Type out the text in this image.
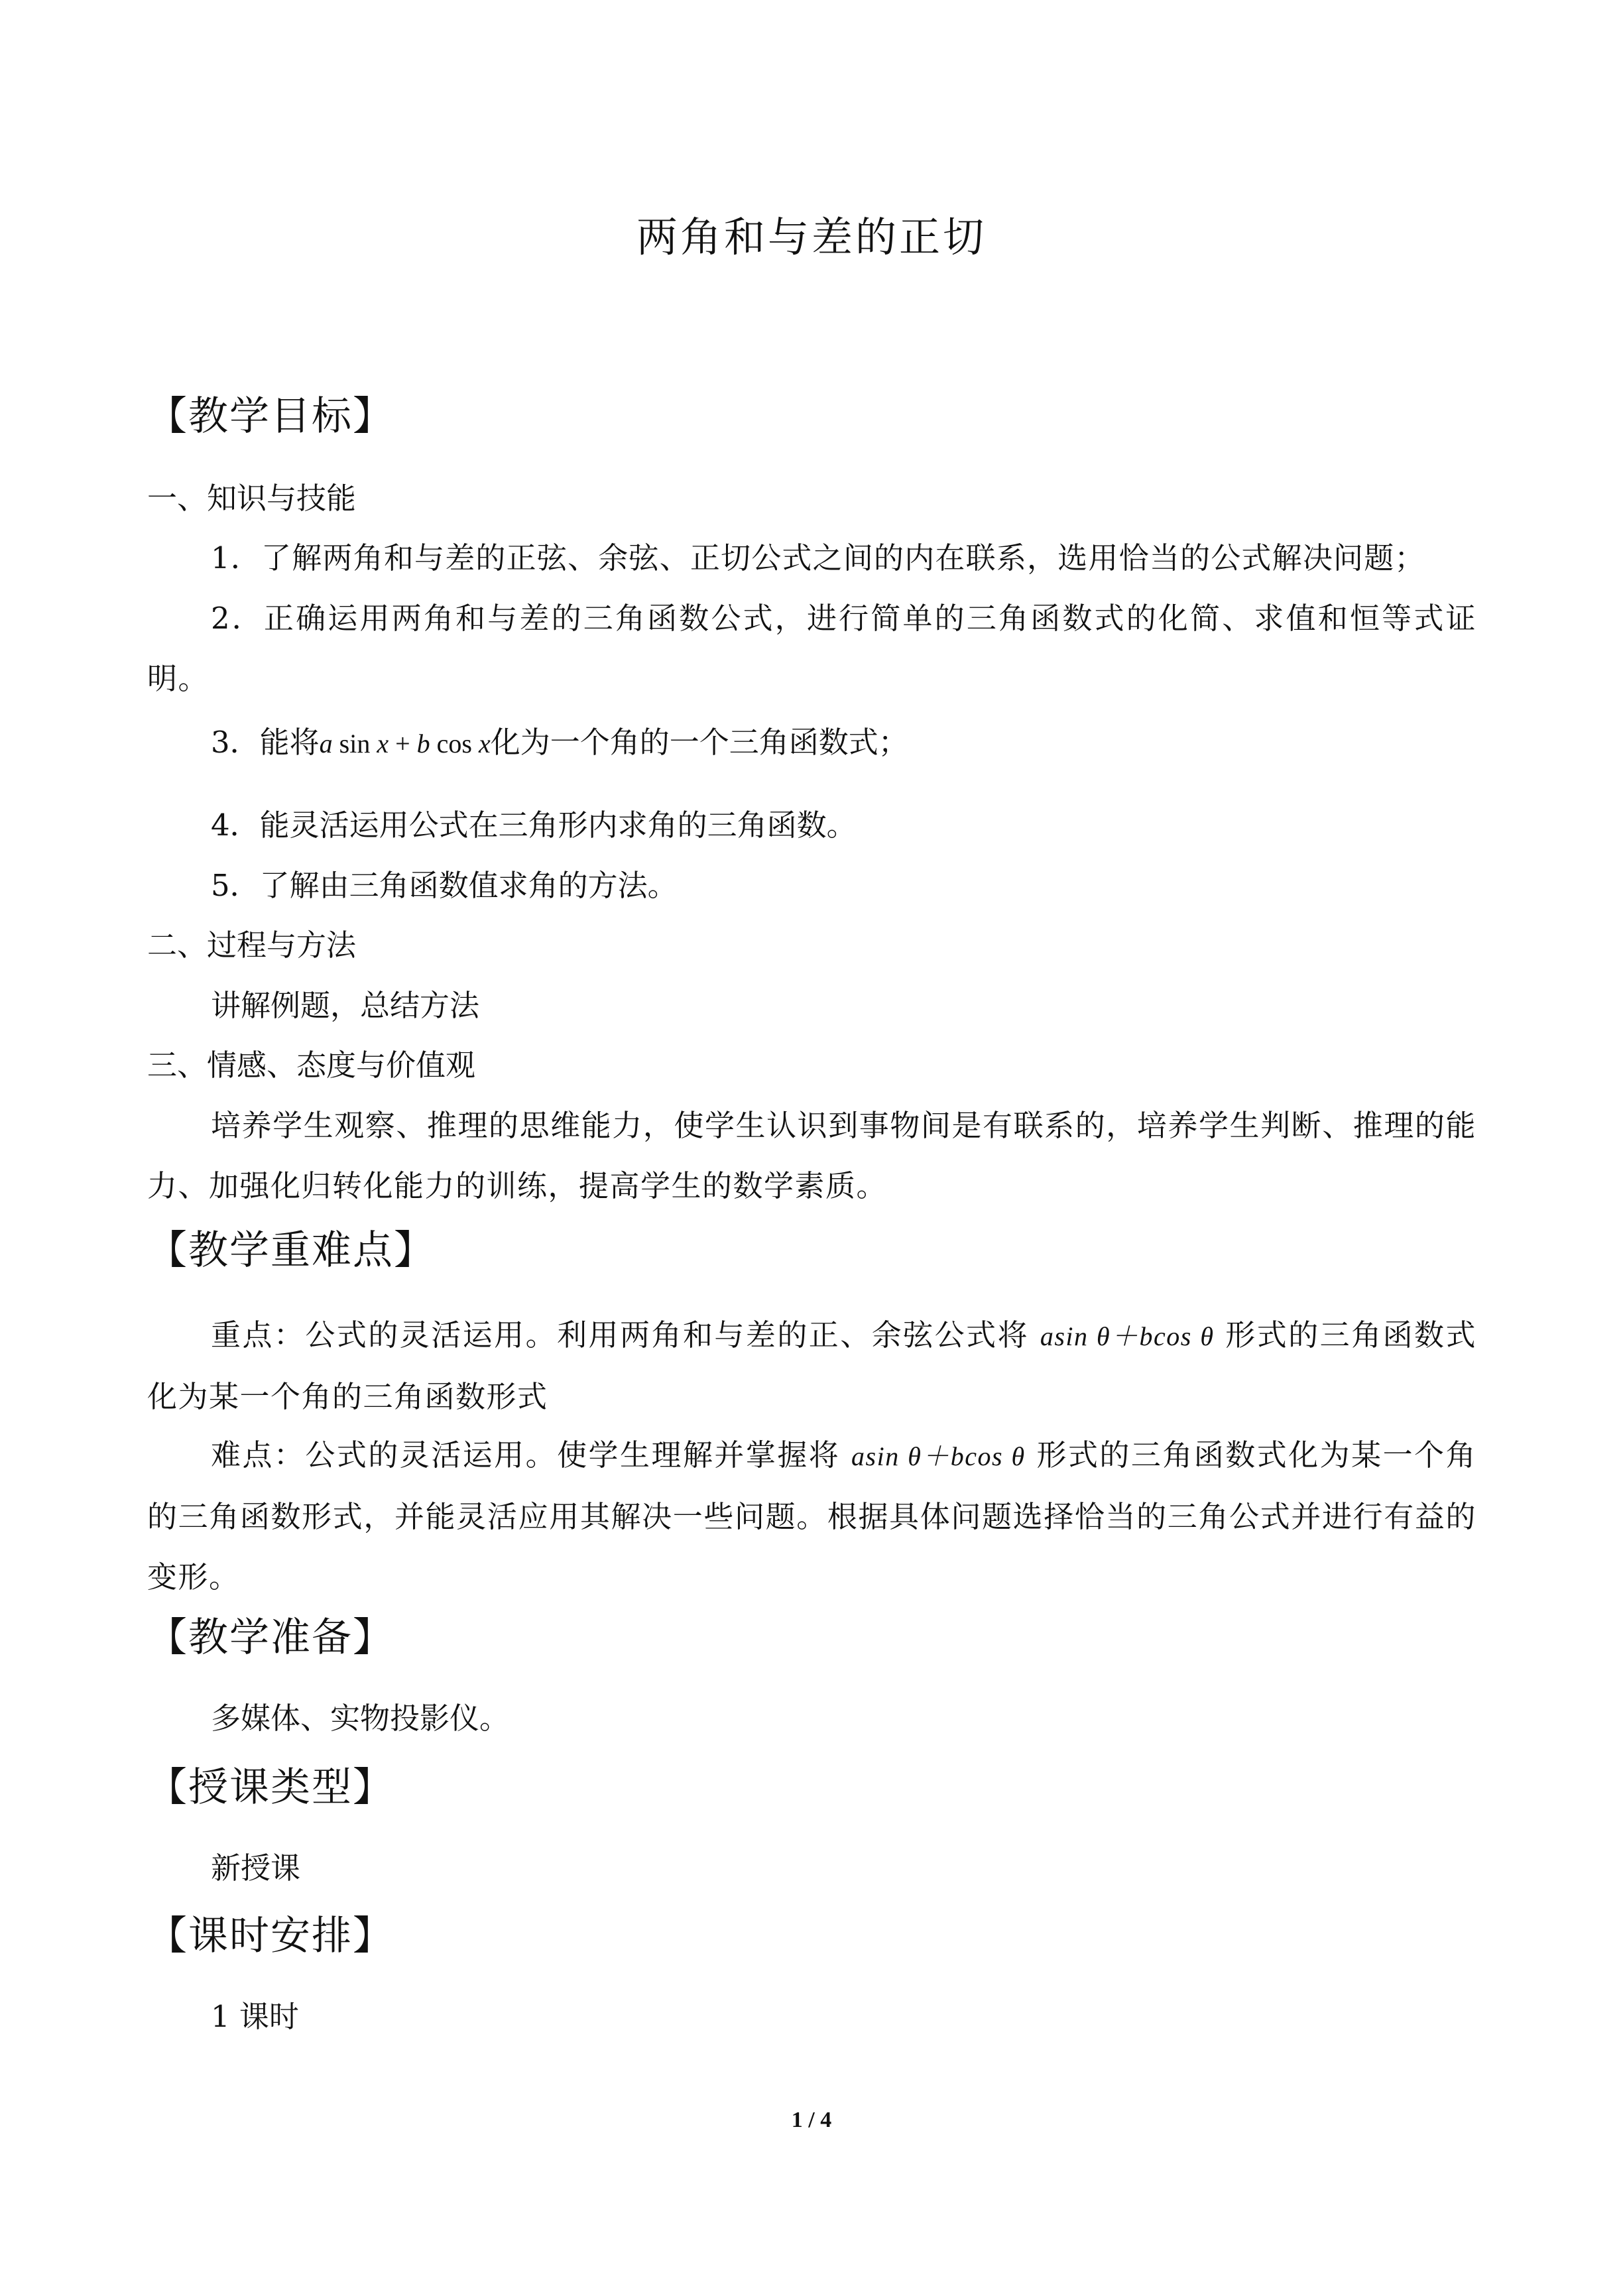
两角和与差的正切
【教学目标】
一、知识与技能
1．了解两角和与差的正弦、余弦、正切公式之间的内在联系，选用恰当的公式解决问题；
2．正确运用两角和与差的三角函数公式，进行简单的三角函数式的化简、求值和恒等式证明。
3．能将a sin x + b cos x化为一个角的一个三角函数式；
4．能灵活运用公式在三角形内求角的三角函数。
5．了解由三角函数值求角的方法。
二、过程与方法
讲解例题，总结方法
三、情感、态度与价值观
培养学生观察、推理的思维能力，使学生认识到事物间是有联系的，培养学生判断、推理的能力、加强化归转化能力的训练，提高学生的数学素质。
【教学重难点】
重点：公式的灵活运用。利用两角和与差的正、余弦公式将 asin θ＋bcos θ 形式的三角函数式化为某一个角的三角函数形式
难点：公式的灵活运用。使学生理解并掌握将 asin θ＋bcos θ 形式的三角函数式化为某一个角的三角函数形式，并能灵活应用其解决一些问题。根据具体问题选择恰当的三角公式并进行有益的变形。
【教学准备】
多媒体、实物投影仪。
【授课类型】
新授课
【课时安排】
1 课时
1 / 4
